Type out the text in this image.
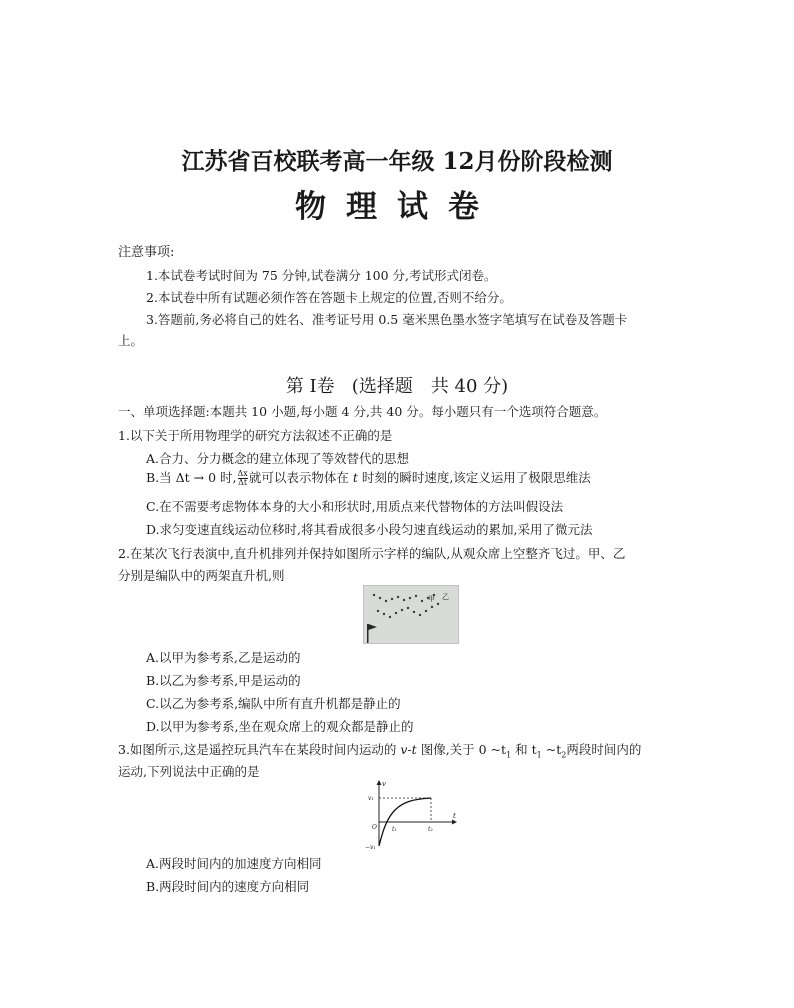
江苏省百校联考高一年级 12月份阶段检测
物理试卷
注意事项:
1.本试卷考试时间为 75 分钟,试卷满分 100 分,考试形式闭卷。
2.本试卷中所有试题必须作答在答题卡上规定的位置,否则不给分。
3.答题前,务必将自己的姓名、准考证号用 0.5 毫米黑色墨水签字笔填写在试卷及答题卡
上。
第 I卷 (选择题　共 40 分)
一、单项选择题:本题共 10 小题,每小题 4 分,共 40 分。每小题只有一个选项符合题意。
1.以下关于所用物理学的研究方法叙述不正确的是
A.合力、分力概念的建立体现了等效替代的思想
B.当 Δt → 0 时, $\frac{\Delta x}{\Delta t}$ 就可以表示物体在 t 时刻的瞬时速度,该定义运用了极限思维法
C.在不需要考虑物体本身的大小和形状时,用质点来代替物体的方法叫假设法
D.求匀变速直线运动位移时,将其看成很多小段匀速直线运动的累加,采用了微元法
2.在某次飞行表演中,直升机排列并保持如图所示字样的编队,从观众席上空整齐飞过。甲、乙
分别是编队中的两架直升机,则
甲 乙
A.以甲为参考系,乙是运动的
B.以乙为参考系,甲是运动的
C.以乙为参考系,编队中所有直升机都是静止的
D.以甲为参考系,坐在观众席上的观众都是静止的
3.如图所示,这是遥控玩具汽车在某段时间内运动的 v-t 图像,关于 0 $\sim t_1$ 和 $t_1$ $\sim t_2$两段时间内的
运动,下列说法中正确的是
v
t
O
v₁
−v₁
t₁	t₂
A.两段时间内的加速度方向相同
B.两段时间内的速度方向相同
